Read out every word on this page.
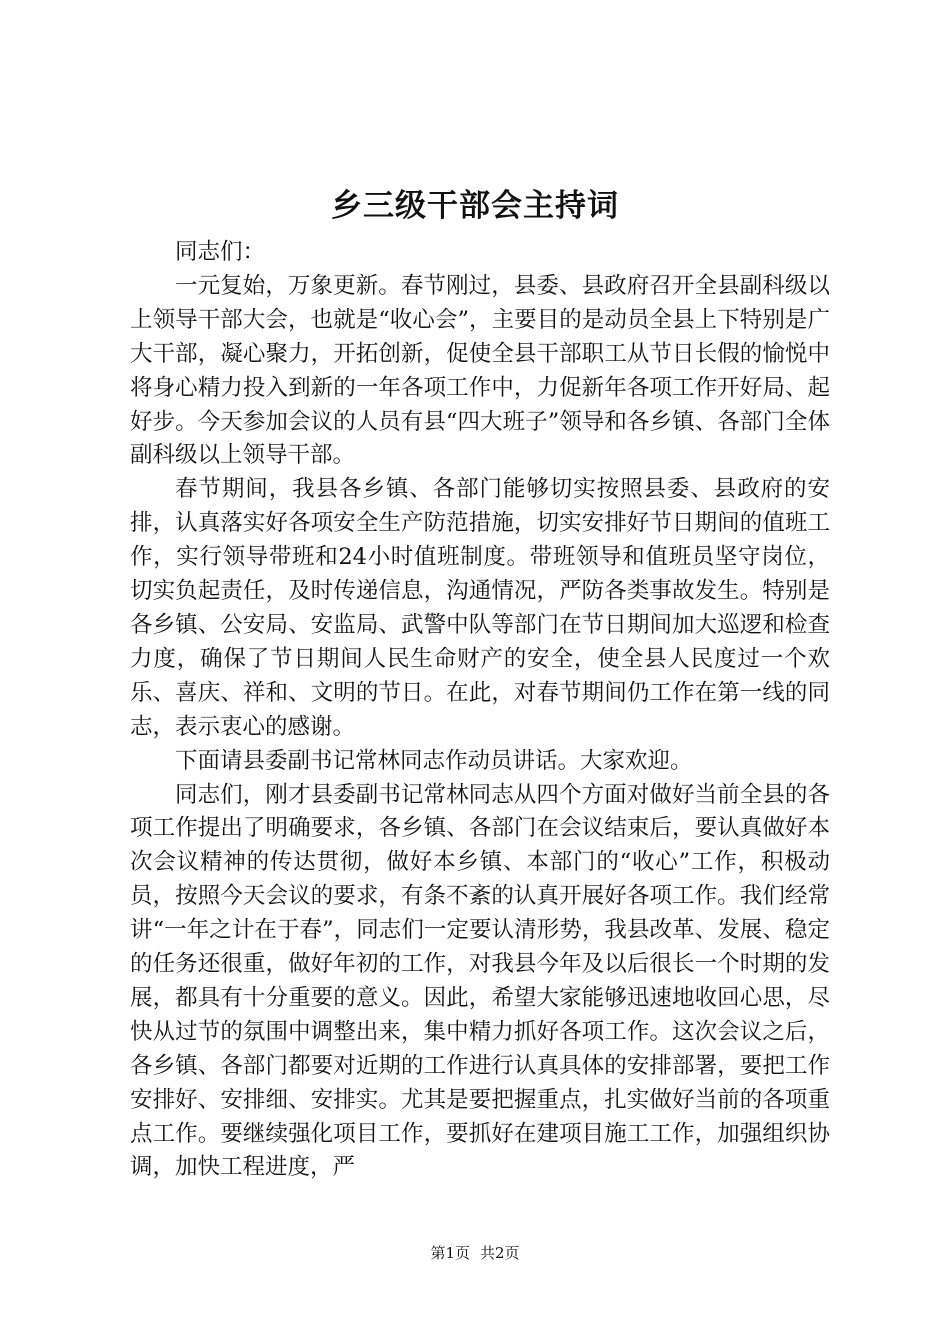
乡三级干部会主持词

同志们：

一元复始，万象更新。春节刚过，县委、县政府召开全县副科级以上领导干部大会，也就是“收心会”，主要目的是动员全县上下特别是广大干部，凝心聚力，开拓创新，促使全县干部职工从节日长假的愉悦中将身心精力投入到新的一年各项工作中，力促新年各项工作开好局、起好步。今天参加会议的人员有县“四大班子”领导和各乡镇、各部门全体副科级以上领导干部。

春节期间，我县各乡镇、各部门能够切实按照县委、县政府的安排，认真落实好各项安全生产防范措施，切实安排好节日期间的值班工作，实行领导带班和24小时值班制度。带班领导和值班员坚守岗位，切实负起责任，及时传递信息，沟通情况，严防各类事故发生。特别是各乡镇、公安局、安监局、武警中队等部门在节日期间加大巡逻和检查力度，确保了节日期间人民生命财产的安全，使全县人民度过一个欢乐、喜庆、祥和、文明的节日。在此，对春节期间仍工作在第一线的同志，表示衷心的感谢。

下面请县委副书记常林同志作动员讲话。大家欢迎。

同志们，刚才县委副书记常林同志从四个方面对做好当前全县的各项工作提出了明确要求，各乡镇、各部门在会议结束后，要认真做好本次会议精神的传达贯彻，做好本乡镇、本部门的“收心”工作，积极动员，按照今天会议的要求，有条不紊的认真开展好各项工作。我们经常讲“一年之计在于春”，同志们一定要认清形势，我县改革、发展、稳定的任务还很重，做好年初的工作，对我县今年及以后很长一个时期的发展，都具有十分重要的意义。因此，希望大家能够迅速地收回心思，尽快从过节的氛围中调整出来，集中精力抓好各项工作。这次会议之后，各乡镇、各部门都要对近期的工作进行认真具体的安排部署，要把工作安排好、安排细、安排实。尤其是要把握重点，扎实做好当前的各项重点工作。要继续强化项目工作，要抓好在建项目施工工作，加强组织协调，加快工程进度，严

第1页 共2页
